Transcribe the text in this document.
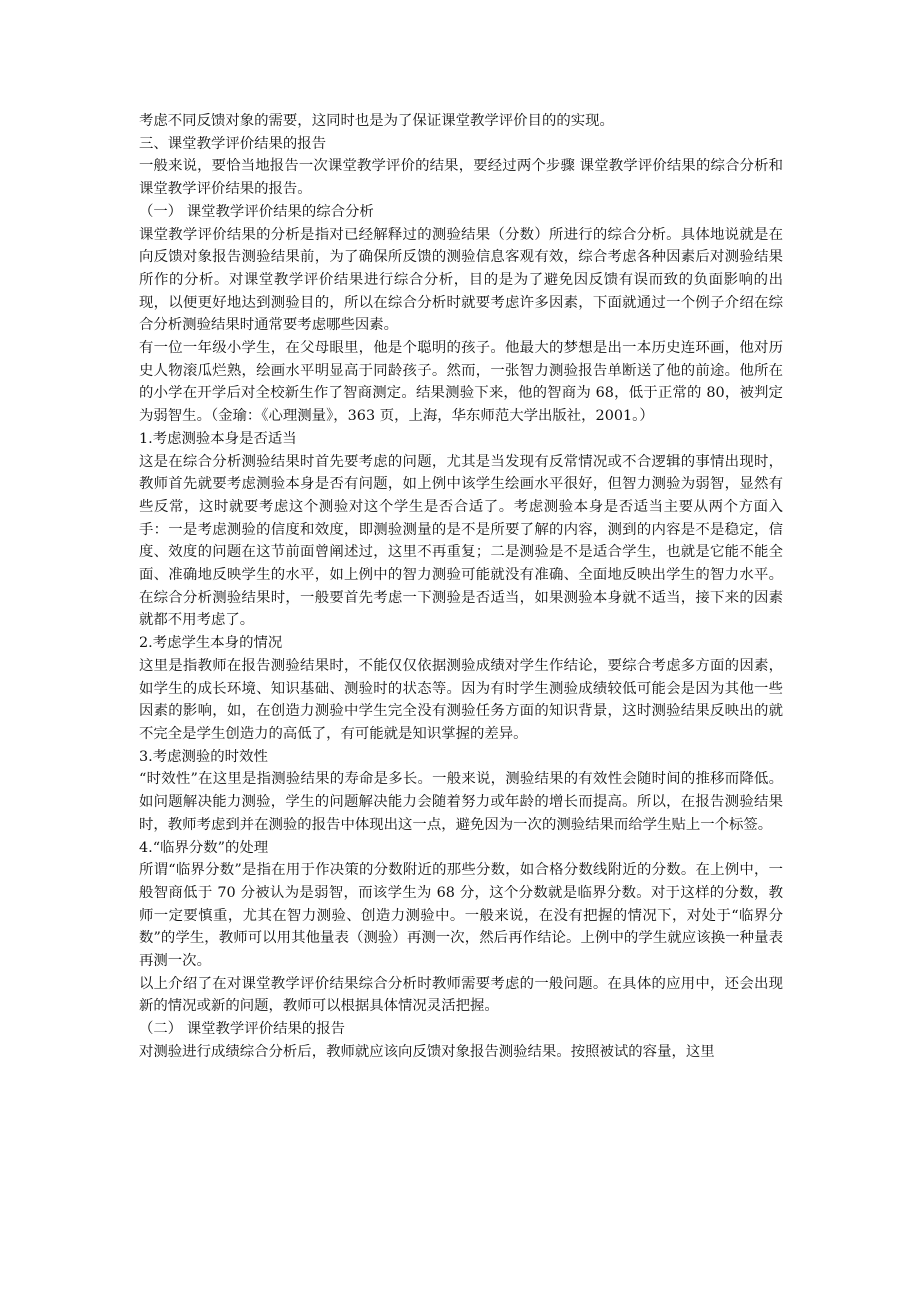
考虑不同反馈对象的需要，这同时也是为了保证课堂教学评价目的的实现。

三、课堂教学评价结果的报告

一般来说，要恰当地报告一次课堂教学评价的结果，要经过两个步骤 课堂教学评价结果的综合分析和课堂教学评价结果的报告。

（一） 课堂教学评价结果的综合分析

课堂教学评价结果的分析是指对已经解释过的测验结果（分数）所进行的综合分析。具体地说就是在向反馈对象报告测验结果前，为了确保所反馈的测验信息客观有效，综合考虑各种因素后对测验结果所作的分析。对课堂教学评价结果进行综合分析，目的是为了避免因反馈有误而致的负面影响的出现，以便更好地达到测验目的，所以在综合分析时就要考虑许多因素，下面就通过一个例子介绍在综合分析测验结果时通常要考虑哪些因素。

有一位一年级小学生，在父母眼里，他是个聪明的孩子。他最大的梦想是出一本历史连环画，他对历史人物滚瓜烂熟，绘画水平明显高于同龄孩子。然而，一张智力测验报告单断送了他的前途。他所在的小学在开学后对全校新生作了智商测定。结果测验下来，他的智商为 68，低于正常的 80，被判定为弱智生。（金瑜：《心理测量》，363 页，上海，华东师范大学出版社，2001。）

1.考虑测验本身是否适当

这是在综合分析测验结果时首先要考虑的问题，尤其是当发现有反常情况或不合逻辑的事情出现时，教师首先就要考虑测验本身是否有问题，如上例中该学生绘画水平很好，但智力测验为弱智，显然有些反常，这时就要考虑这个测验对这个学生是否合适了。考虑测验本身是否适当主要从两个方面入手：一是考虑测验的信度和效度，即测验测量的是不是所要了解的内容，测到的内容是不是稳定，信度、效度的问题在这节前面曾阐述过，这里不再重复；二是测验是不是适合学生，也就是它能不能全面、准确地反映学生的水平，如上例中的智力测验可能就没有准确、全面地反映出学生的智力水平。在综合分析测验结果时，一般要首先考虑一下测验是否适当，如果测验本身就不适当，接下来的因素就都不用考虑了。

2.考虑学生本身的情况

这里是指教师在报告测验结果时，不能仅仅依据测验成绩对学生作结论，要综合考虑多方面的因素，如学生的成长环境、知识基础、测验时的状态等。因为有时学生测验成绩较低可能会是因为其他一些因素的影响，如，在创造力测验中学生完全没有测验任务方面的知识背景，这时测验结果反映出的就不完全是学生创造力的高低了，有可能就是知识掌握的差异。

3.考虑测验的时效性

“时效性”在这里是指测验结果的寿命是多长。一般来说，测验结果的有效性会随时间的推移而降低。如问题解决能力测验，学生的问题解决能力会随着努力或年龄的增长而提高。所以，在报告测验结果时，教师考虑到并在测验的报告中体现出这一点，避免因为一次的测验结果而给学生贴上一个标签。

4.“临界分数”的处理

所谓“临界分数”是指在用于作决策的分数附近的那些分数，如合格分数线附近的分数。在上例中，一般智商低于 70 分被认为是弱智，而该学生为 68 分，这个分数就是临界分数。对于这样的分数，教师一定要慎重，尤其在智力测验、创造力测验中。一般来说，在没有把握的情况下，对处于“临界分数”的学生，教师可以用其他量表（测验）再测一次，然后再作结论。上例中的学生就应该换一种量表再测一次。

以上介绍了在对课堂教学评价结果综合分析时教师需要考虑的一般问题。在具体的应用中，还会出现新的情况或新的问题，教师可以根据具体情况灵活把握。

（二） 课堂教学评价结果的报告

对测验进行成绩综合分析后，教师就应该向反馈对象报告测验结果。按照被试的容量，这里
